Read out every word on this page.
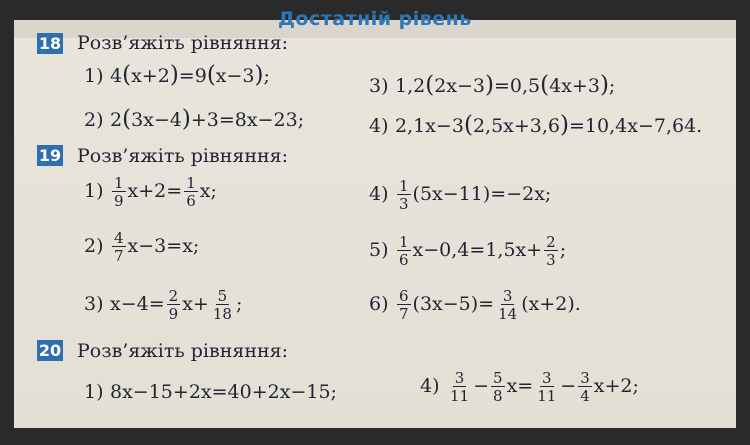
Достатній рівень
18 Розв’яжіть рівняння:
1) 4(x+2)=9(x−3);	3) 1,2(2x−3)=0,5(4x+3);
2) 2(3x−4)+3=8x−23;	4) 2,1x−3(2,5x+3,6)=10,4x−7,64.
19 Розв’яжіть рівняння:
$1) \frac{1}{9} x+2= \frac{1}{6} x$;	$4) \frac{1}{3} (5x-11)=-2x$;
$2) \frac{4}{7} x-3=x$;	$5) \frac{1}{6} x-0,4=1,5x+ \frac{2}{3}$ ;
3) $x-4= \frac{2}{9} x+ \frac{5}{18}$ ;	$6) \frac{6}{7} (3x-5)= \frac{3}{14} (x+2)$.
20 Розв’яжіть рівняння:
1) 8x−15+2x=40+2x−15;	$4) \frac{3}{11} - \frac{5}{8} x= \frac{3}{11} - \frac{3}{4} x+2$;
